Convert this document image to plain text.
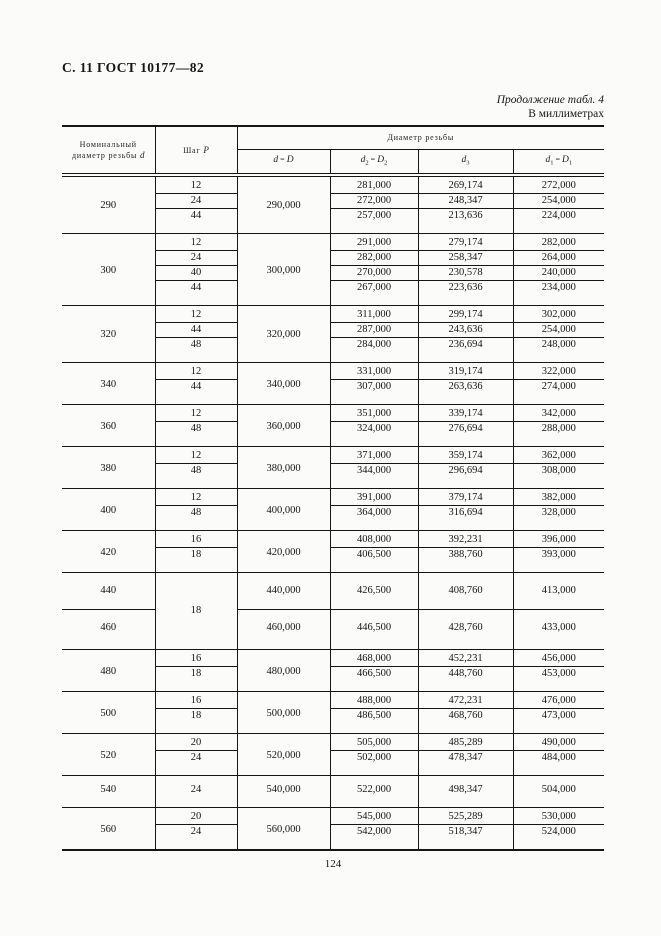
С. 11 ГОСТ 10177—82
Продолжение табл. 4
В миллиметрах
Номинальный
диаметр резьбы d	Шаг P	Диаметр резьбы			
		d = D	$d_2 = D_2$	$d_3$	$d_1 = D_1$
290	12	290,000	281,000	269,174	272,000
	24		272,000	248,347	254,000
	44		257,000	213,636	224,000
300	12	300,000	291,000	279,174	282,000
	24		282,000	258,347	264,000
	40		270,000	230,578	240,000
	44		267,000	223,636	234,000
320	12	320,000	311,000	299,174	302,000
	44		287,000	243,636	254,000
	48		284,000	236,694	248,000
340	12	340,000	331,000	319,174	322,000
	44		307,000	263,636	274,000
360	12	360,000	351,000	339,174	342,000
	48		324,000	276,694	288,000
380	12	380,000	371,000	359,174	362,000
	48		344,000	296,694	308,000
400	12	400,000	391,000	379,174	382,000
	48		364,000	316,694	328,000
420	16	420,000	408,000	392,231	396,000
	18		406,500	388,760	393,000
440	18	440,000	426,500	408,760	413,000
460		460,000	446,500	428,760	433,000
480	16	480,000	468,000	452,231	456,000
	18		466,500	448,760	453,000
500	16	500,000	488,000	472,231	476,000
	18		486,500	468,760	473,000
520	20	520,000	505,000	485,289	490,000
	24		502,000	478,347	484,000
540	24	540,000	522,000	498,347	504,000
560	20	560,000	545,000	525,289	530,000
	24		542,000	518,347	524,000
124
